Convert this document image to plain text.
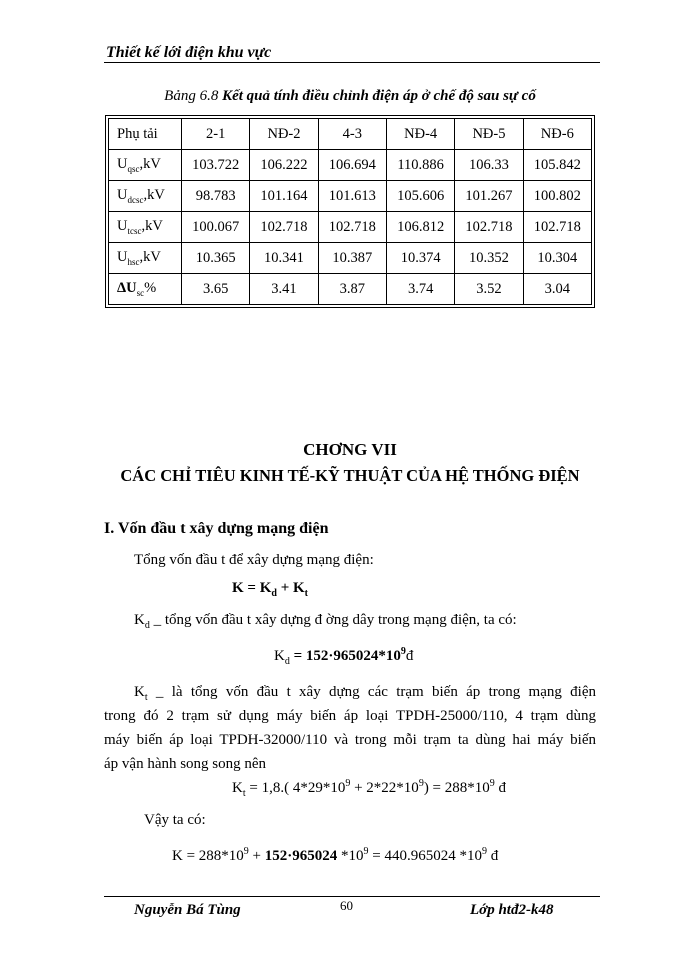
Thiết kế lới điện khu vực
Bảng 6.8 Kết quả tính điều chỉnh điện áp ở chế độ sau sự cố
Phụ tải	2-1	NĐ-2	4-3	NĐ-4	NĐ-5	NĐ-6
$U_{qsc},kV$	103.722	106.222	106.694	110.886	106.33	105.842
$U_{dcsc},kV$	98.783	101.164	101.613	105.606	101.267	100.802
$U_{tcsc},kV$	100.067	102.718	102.718	106.812	102.718	102.718
$U_{hsc},kV$	10.365	10.341	10.387	10.374	10.352	10.304
$\Delta U_{sc}\%$	3.65	3.41	3.87	3.74	3.52	3.04
CHƠNG VII
CÁC CHỈ TIÊU KINH TẾ-KỸ THUẬT CỦA HỆ THỐNG ĐIỆN
I. Vốn đầu t xây dựng mạng điện
Tổng vốn đầu t để xây dựng mạng điện:
$K = K_d + K_t$
$K_d$ _ tổng vốn đầu t xây dựng đ ờng dây trong mạng điện, ta có:
$K_d$ = $152\cdot 965024*10^9đ$
$K_t$ _ là tổng vốn đầu t xây dựng các trạm biến áp trong mạng điện
trong đó 2 trạm sử dụng máy biến áp loại TPDH-25000/110, 4 trạm dùng
máy biến áp loại TPDH-32000/110 và trong mỗi trạm ta dùng hai máy biến
áp vận hành song song nên
$K_t = 1,8$.( $4*29*10^9 + 2*22*10^9) = 288*10^9$ đ
Vậy ta có:
$K = 288*10^9 + 152\cdot 965024$ $*10^9 = 440.965024$ $*10^9$ đ
Nguyễn Bá Tùng	60	Lớp htđ2-k48
